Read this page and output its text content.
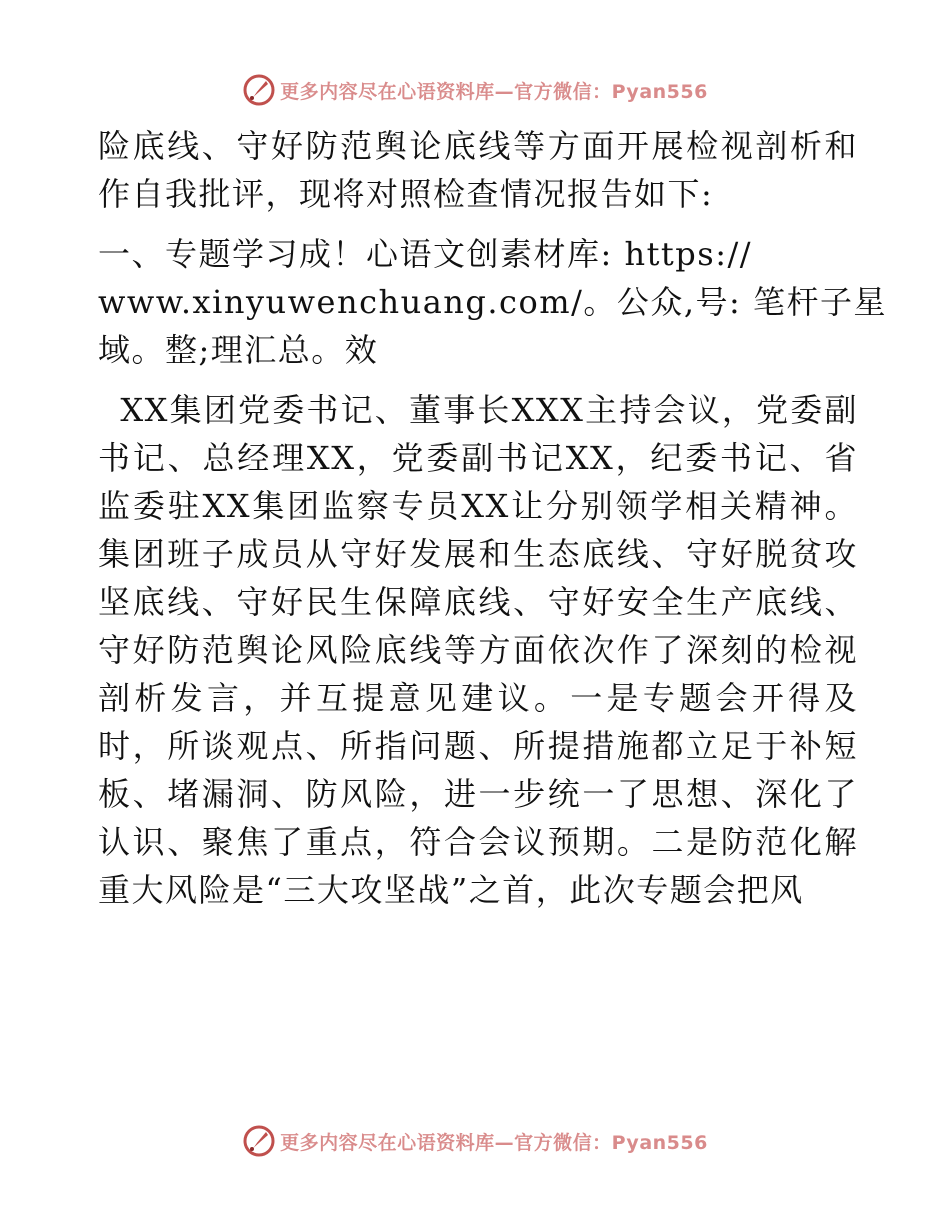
更多内容尽在心语资料库—官方微信：Pyan556

险底线、守好防范舆论底线等方面开展检视剖析和作自我批评，现将对照检查情况报告如下:

一、专题学习成！心语文创素材库: https://
www.xinyuwenchuang.com/。公众,号: 笔杆子星
域。整;理汇总。效

XX集团党委书记、董事长XXX主持会议，党委副书记、总经理XX，党委副书记XX，纪委书记、省监委驻XX集团监察专员XX让分别领学相关精神。集团班子成员从守好发展和生态底线、守好脱贫攻坚底线、守好民生保障底线、守好安全生产底线、守好防范舆论风险底线等方面依次作了深刻的检视剖析发言，并互提意见建议。一是专题会开得及时，所谈观点、所指问题、所提措施都立足于补短板、堵漏洞、防风险，进一步统一了思想、深化了认识、聚焦了重点，符合会议预期。二是防范化解重大风险是“三大攻坚战”之首，此次专题会把风

更多内容尽在心语资料库—官方微信：Pyan556
